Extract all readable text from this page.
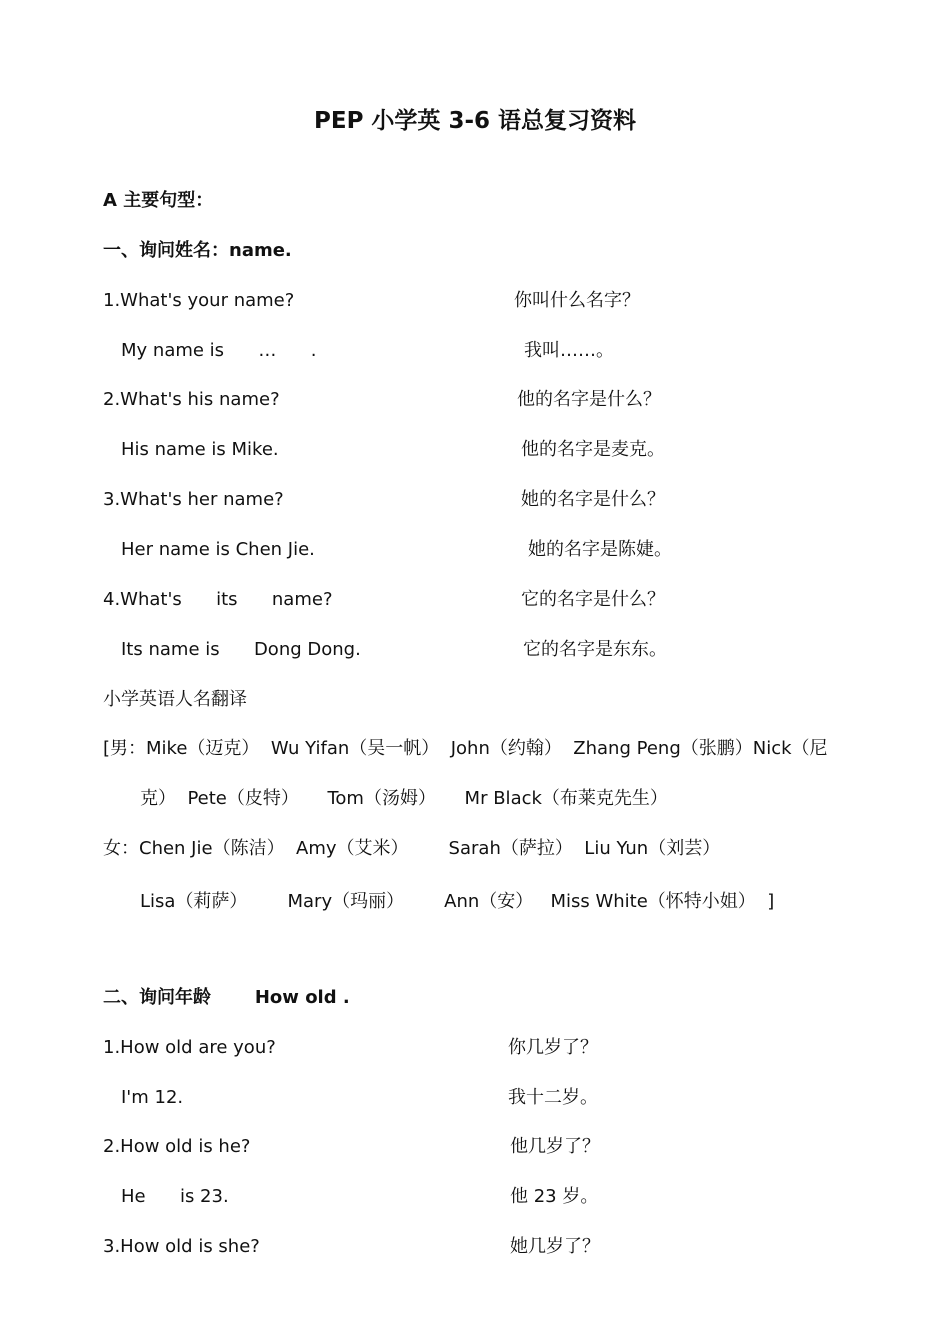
PEP 小学英 3-6 语总复习资料
A 主要句型：
一、询问姓名：name.
1.What's your name?	你叫什么名字？
My name is      …      .	我叫……。
2.What's his name?	他的名字是什么？
His name is Mike.	他的名字是麦克。
3.What's her name?	她的名字是什么？
Her name is Chen Jie.	她的名字是陈婕。
4.What's      its      name?	它的名字是什么？
Its name is      Dong Dong.	它的名字是东东。
小学英语人名翻译
[男：Mike（迈克）  Wu Yifan（吴一帆）  John（约翰）  Zhang Peng（张鹏）Nick（尼
克）  Pete（皮特）     Tom（汤姆）     Mr Black（布莱克先生）
女：Chen Jie（陈洁）  Amy（艾米）       Sarah（萨拉）  Liu Yun（刘芸）
Lisa（莉萨）       Mary（玛丽）       Ann（安）   Miss White（怀特小姐）  ]
二、询问年龄       How old .
1.How old are you?	你几岁了？
I'm 12.	我十二岁。
2.How old is he?	他几岁了？
He      is 23.	他 23 岁。
3.How old is she?	她几岁了？
